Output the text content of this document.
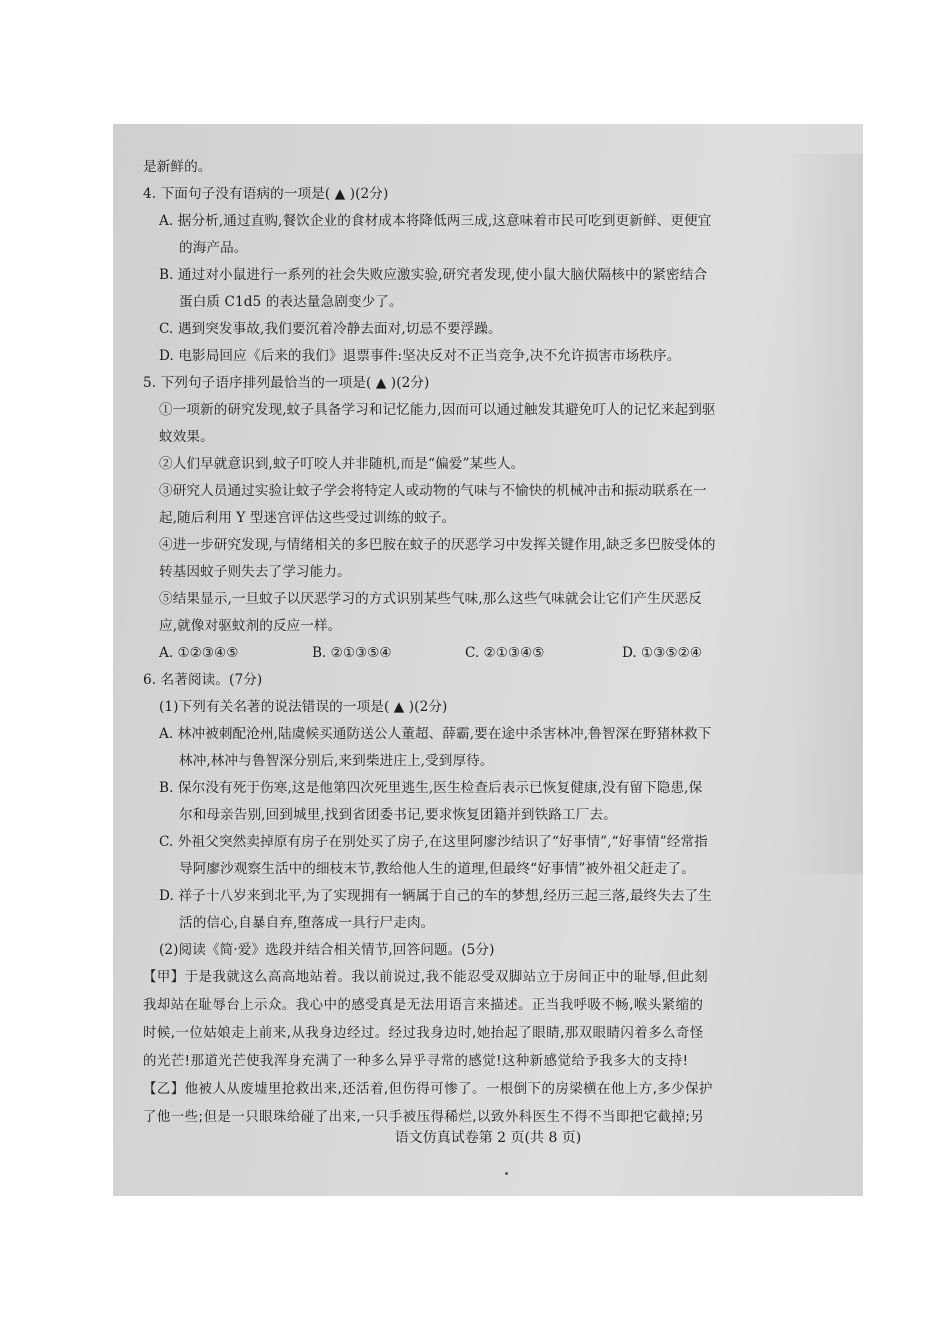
是新鲜的。
4. 下面句子没有语病的一项是( ▲ )(2分)
A. 据分析,通过直购,餐饮企业的食材成本将降低两三成,这意味着市民可吃到更新鲜、更便宜
的海产品。
B. 通过对小鼠进行一系列的社会失败应激实验,研究者发现,使小鼠大脑伏隔核中的紧密结合
蛋白质 C1d5 的表达量急剧变少了。
C. 遇到突发事故,我们要沉着冷静去面对,切忌不要浮躁。
D. 电影局回应《后来的我们》退票事件:坚决反对不正当竞争,决不允许损害市场秩序。
5. 下列句子语序排列最恰当的一项是( ▲ )(2分)
①一项新的研究发现,蚊子具备学习和记忆能力,因而可以通过触发其避免叮人的记忆来起到驱
蚊效果。
②人们早就意识到,蚊子叮咬人并非随机,而是“偏爱”某些人。
③研究人员通过实验让蚊子学会将特定人或动物的气味与不愉快的机械冲击和振动联系在一
起,随后利用 Y 型迷宫评估这些受过训练的蚊子。
④进一步研究发现,与情绪相关的多巴胺在蚊子的厌恶学习中发挥关键作用,缺乏多巴胺受体的
转基因蚊子则失去了学习能力。
⑤结果显示,一旦蚊子以厌恶学习的方式识别某些气味,那么这些气味就会让它们产生厌恶反
应,就像对驱蚊剂的反应一样。
A. ①②③④⑤	B. ②①③⑤④	C. ②①③④⑤	D. ①③⑤②④
6. 名著阅读。(7分)
(1)下列有关名著的说法错误的一项是( ▲ )(2分)
A. 林冲被刺配沧州,陆虞候买通防送公人董超、薛霸,要在途中杀害林冲,鲁智深在野猪林救下
林冲,林冲与鲁智深分别后,来到柴进庄上,受到厚待。
B. 保尔没有死于伤寒,这是他第四次死里逃生,医生检查后表示已恢复健康,没有留下隐患,保
尔和母亲告别,回到城里,找到省团委书记,要求恢复团籍并到铁路工厂去。
C. 外祖父突然卖掉原有房子在别处买了房子,在这里阿廖沙结识了“好事情”,“好事情”经常指
导阿廖沙观察生活中的细枝末节,教给他人生的道理,但最终“好事情”被外祖父赶走了。
D. 祥子十八岁来到北平,为了实现拥有一辆属于自己的车的梦想,经历三起三落,最终失去了生
活的信心,自暴自弃,堕落成一具行尸走肉。
(2)阅读《简·爱》选段并结合相关情节,回答问题。(5分)
【甲】于是我就这么高高地站着。我以前说过,我不能忍受双脚站立于房间正中的耻辱,但此刻
我却站在耻辱台上示众。我心中的感受真是无法用语言来描述。正当我呼吸不畅,喉头紧缩的
时候,一位姑娘走上前来,从我身边经过。经过我身边时,她抬起了眼睛,那双眼睛闪着多么奇怪
的光芒!那道光芒使我浑身充满了一种多么异乎寻常的感觉!这种新感觉给予我多大的支持!
【乙】他被人从废墟里抢救出来,还活着,但伤得可惨了。一根倒下的房梁横在他上方,多少保护
了他一些;但是一只眼珠给碰了出来,一只手被压得稀烂,以致外科医生不得不当即把它截掉;另
语文仿真试卷第 2 页(共 8 页)
